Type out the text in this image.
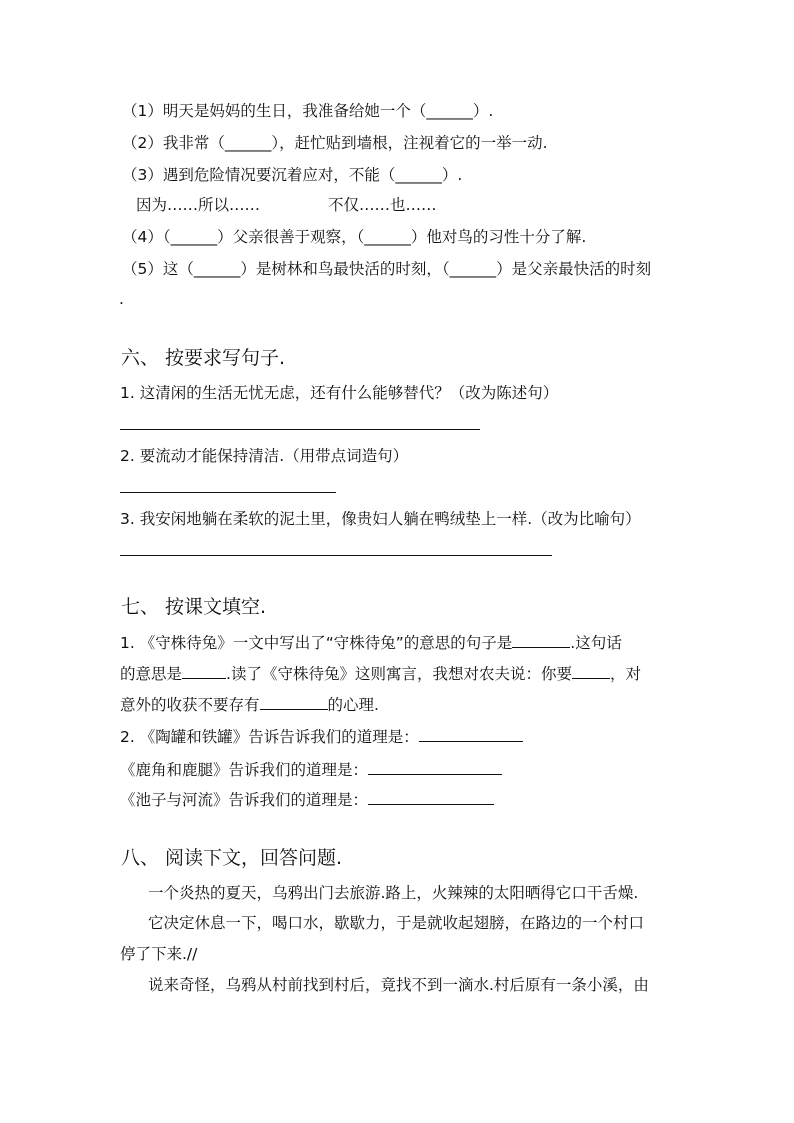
（1）明天是妈妈的生日，我准备给她一个（______）.
（2）我非常（______），赶忙贴到墙根，注视着它的一举一动.
（3）遇到危险情况要沉着应对，不能（______）.
因为……所以……	不仅……也……
（4）（______）父亲很善于观察，（______）他对鸟的习性十分了解.
（5）这（______）是树林和鸟最快活的时刻，（______）是父亲最快活的时刻
.
六、 按要求写句子.
1. 这清闲的生活无忧无虑，还有什么能够替代？（改为陈述句）
2. 要流动才能保持清洁.（用带点词造句）
3. 我安闲地躺在柔软的泥土里，像贵妇人躺在鸭绒垫上一样.（改为比喻句）
七、 按课文填空.
1. 《守株待兔》一文中写出了“守株待兔”的意思的句子是	.这句话
的意思是	.读了《守株待兔》这则寓言，我想对农夫说：你要 ，对
意外的收获不要存有	的心理.
2. 《陶罐和铁罐》告诉告诉我们的道理是：
《鹿角和鹿腿》告诉我们的道理是：
《池子与河流》告诉我们的道理是：
八、 阅读下文，回答问题.
一个炎热的夏天，乌鸦出门去旅游.路上，火辣辣的太阳晒得它口干舌燥.
它决定休息一下，喝口水，歇歇力，于是就收起翅膀，在路边的一个村口
停了下来.//
说来奇怪，乌鸦从村前找到村后，竟找不到一滴水.村后原有一条小溪，由
